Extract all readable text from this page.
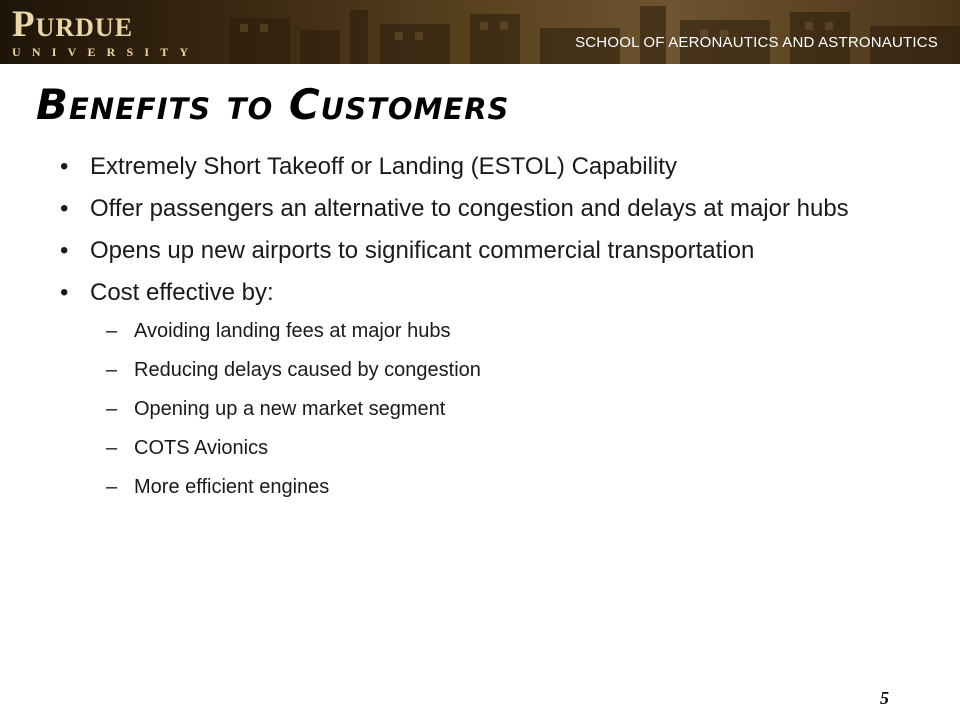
Purdue
UNIVERSITY
SCHOOL OF AERONAUTICS AND ASTRONAUTICS
Benefits to Customers
• Extremely Short Takeoff or Landing (ESTOL) Capability
• Offer passengers an alternative to congestion and delays at major hubs
• Opens up new airports to significant commercial transportation
• Cost effective by:
– Avoiding landing fees at major hubs
– Reducing delays caused by congestion
– Opening up a new market segment
– COTS Avionics
– More efficient engines
5
